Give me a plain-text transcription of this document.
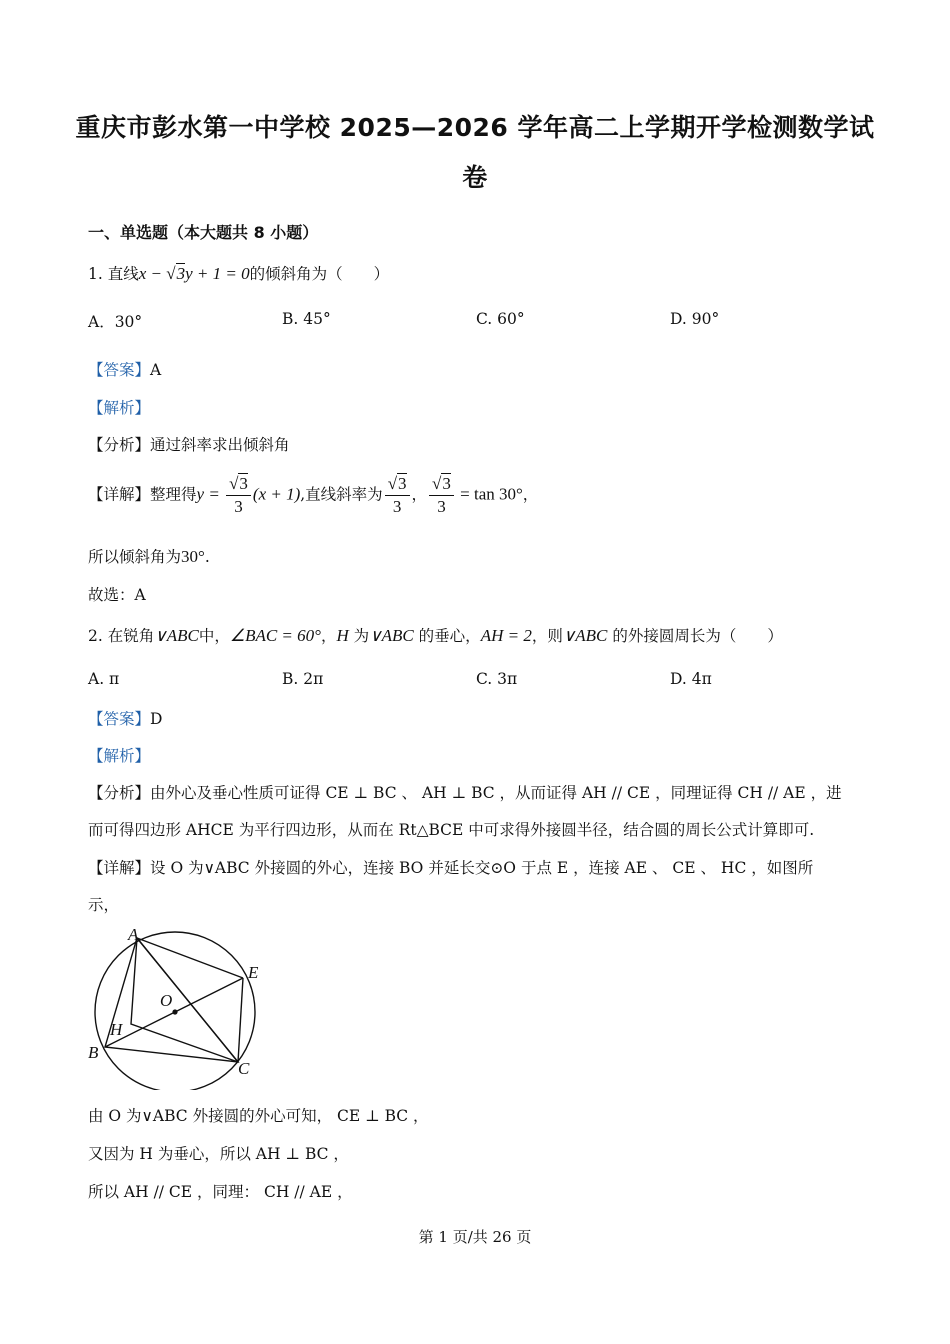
重庆市彭水第一中学校 2025—2026 学年高二上学期开学检测数学试
卷
一、单选题（本大题共 8 小题）
1. 直线x − √3y + 1 = 0的倾斜角为（　　）
A．30°	B. 45°	C. 60°	D. 90°
【答案】A
【解析】
【分析】通过斜率求出倾斜角
【详解】整理得$y = \frac{√3}{3} (x + 1)$,直线斜率为 $\frac{√3}{3}$ ， $\frac{√3}{3} = \tan 30^\circ$，
所以倾斜角为30°.
故选：A
2. 在锐角∨ABC中，∠BAC = 60°，H 为∨ABC 的垂心，AH = 2，则∨ABC 的外接圆周长为（　　）
A. π	B. 2π	C. 3π	D. 4π
【答案】D
【解析】
【分析】由外心及垂心性质可证得 CE ⊥ BC 、 AH ⊥ BC ，从而证得 AH // CE ，同理证得 CH // AE ，进
而可得四边形 AHCE 为平行四边形，从而在 Rt△BCE 中可求得外接圆半径，结合圆的周长公式计算即可.
【详解】设 O 为∨ABC 外接圆的外心，连接 BO 并延长交⊙O 于点 E ，连接 AE 、 CE 、 HC ，如图所
示，
A
B
C
E
O
H
由 O 为∨ABC 外接圆的外心可知， CE ⊥ BC ，
又因为 H 为垂心，所以 AH ⊥ BC ，
所以 AH // CE ，同理： CH // AE ，
第 1 页/共 26 页
